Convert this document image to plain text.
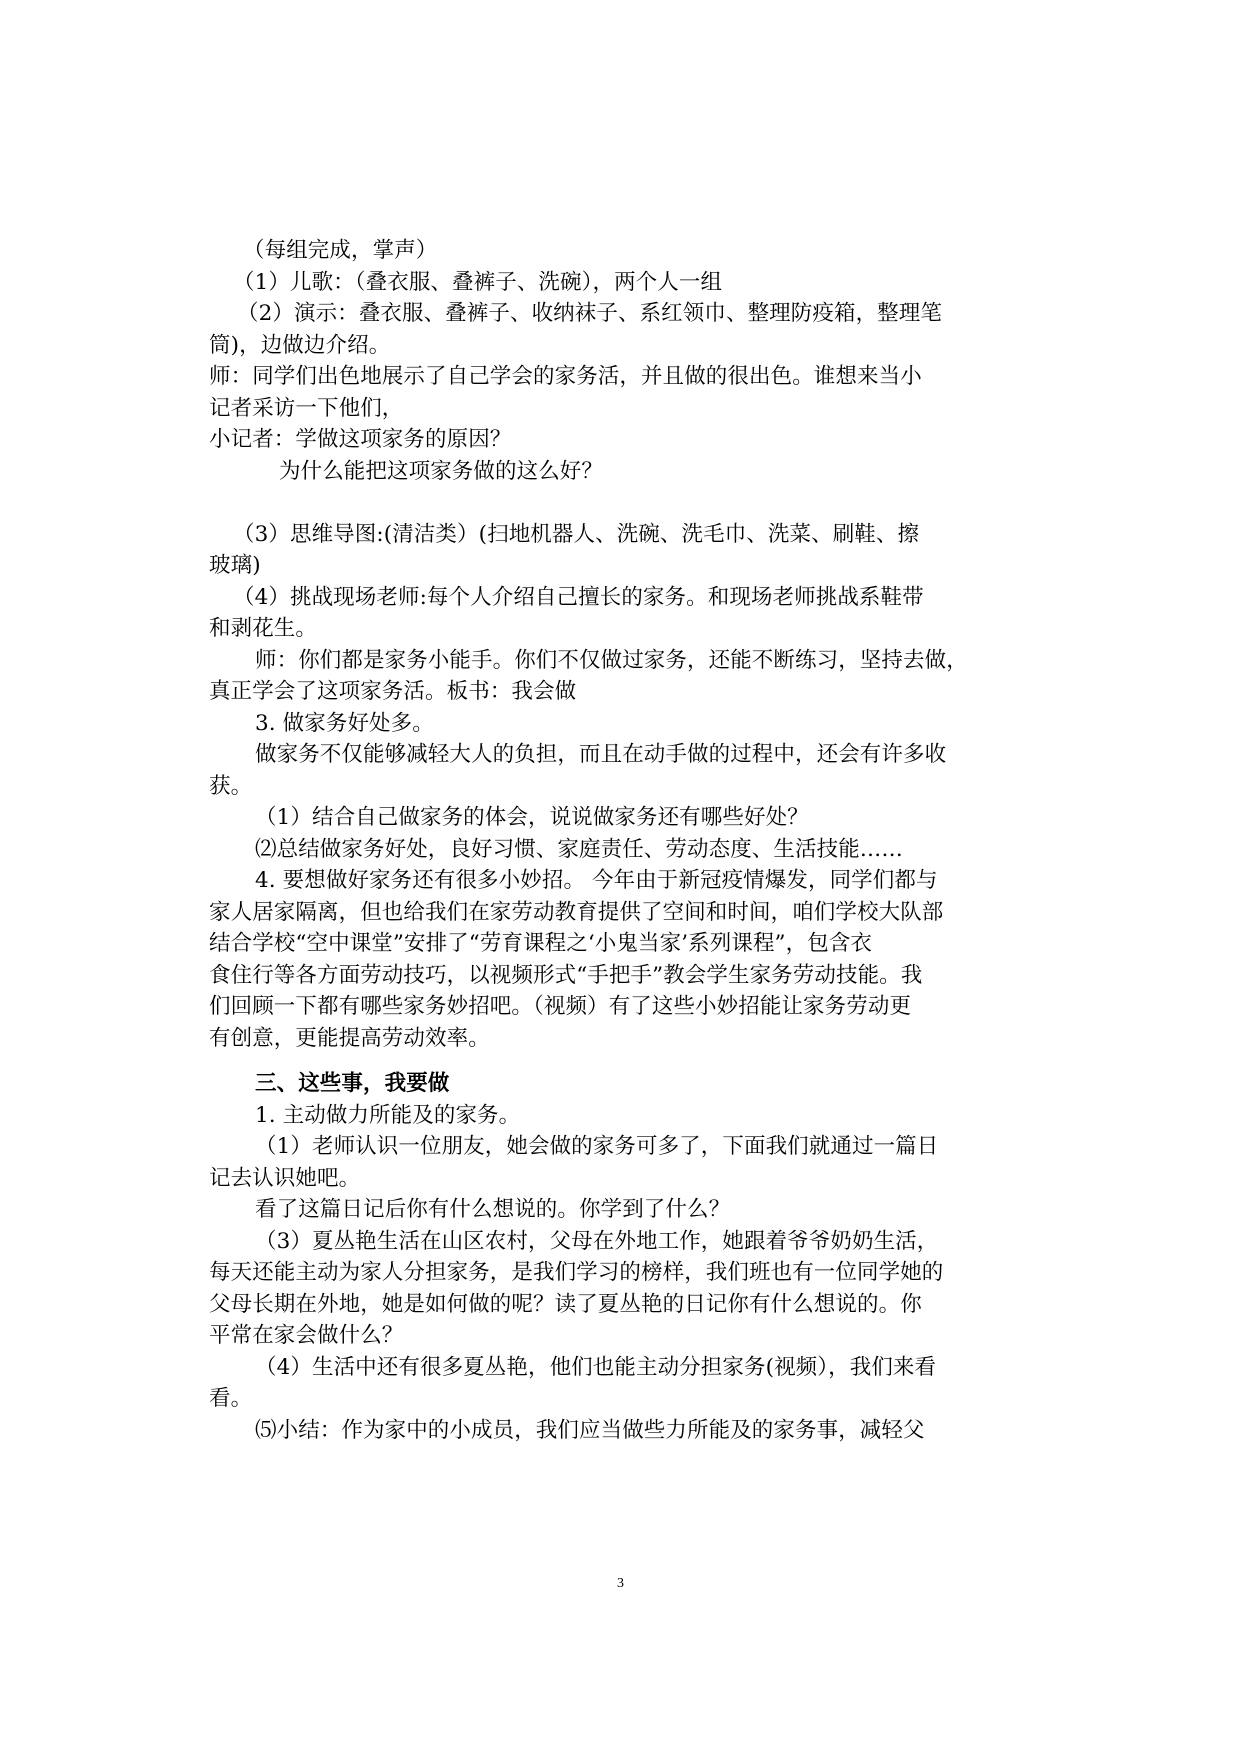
（每组完成，掌声）
（1）儿歌：（叠衣服、叠裤子、洗碗），两个人一组
（2）演示：叠衣服、叠裤子、收纳袜子、系红领巾、整理防疫箱，整理笔
筒)，边做边介绍。
师：同学们出色地展示了自己学会的家务活，并且做的很出色。谁想来当小
记者采访一下他们，
小记者：学做这项家务的原因？
为什么能把这项家务做的这么好？
（3）思维导图:(清洁类）(扫地机器人、洗碗、洗毛巾、洗菜、刷鞋、擦
玻璃)
（4）挑战现场老师:每个人介绍自己擅长的家务。和现场老师挑战系鞋带
和剥花生。
师：你们都是家务小能手。你们不仅做过家务，还能不断练习，坚持去做，
真正学会了这项家务活。板书：我会做
3. 做家务好处多。
做家务不仅能够减轻大人的负担，而且在动手做的过程中，还会有许多收
获。
（1）结合自己做家务的体会，说说做家务还有哪些好处？
⑵总结做家务好处，良好习惯、家庭责任、劳动态度、生活技能……
4. 要想做好家务还有很多小妙招。 今年由于新冠疫情爆发，同学们都与
家人居家隔离，但也给我们在家劳动教育提供了空间和时间，咱们学校大队部
结合学校“空中课堂”安排了“劳育课程之‘小鬼当家’系列课程”，包含衣
食住行等各方面劳动技巧，以视频形式“手把手”教会学生家务劳动技能。我
们回顾一下都有哪些家务妙招吧。（视频）有了这些小妙招能让家务劳动更
有创意，更能提高劳动效率。
三、这些事，我要做
1. 主动做力所能及的家务。
（1）老师认识一位朋友，她会做的家务可多了，下面我们就通过一篇日
记去认识她吧。
看了这篇日记后你有什么想说的。你学到了什么？
（3）夏丛艳生活在山区农村，父母在外地工作，她跟着爷爷奶奶生活，
每天还能主动为家人分担家务，是我们学习的榜样，我们班也有一位同学她的
父母长期在外地，她是如何做的呢？读了夏丛艳的日记你有什么想说的。你
平常在家会做什么？
（4）生活中还有很多夏丛艳，他们也能主动分担家务(视频），我们来看
看。
⑸小结：作为家中的小成员，我们应当做些力所能及的家务事，减轻父
3
